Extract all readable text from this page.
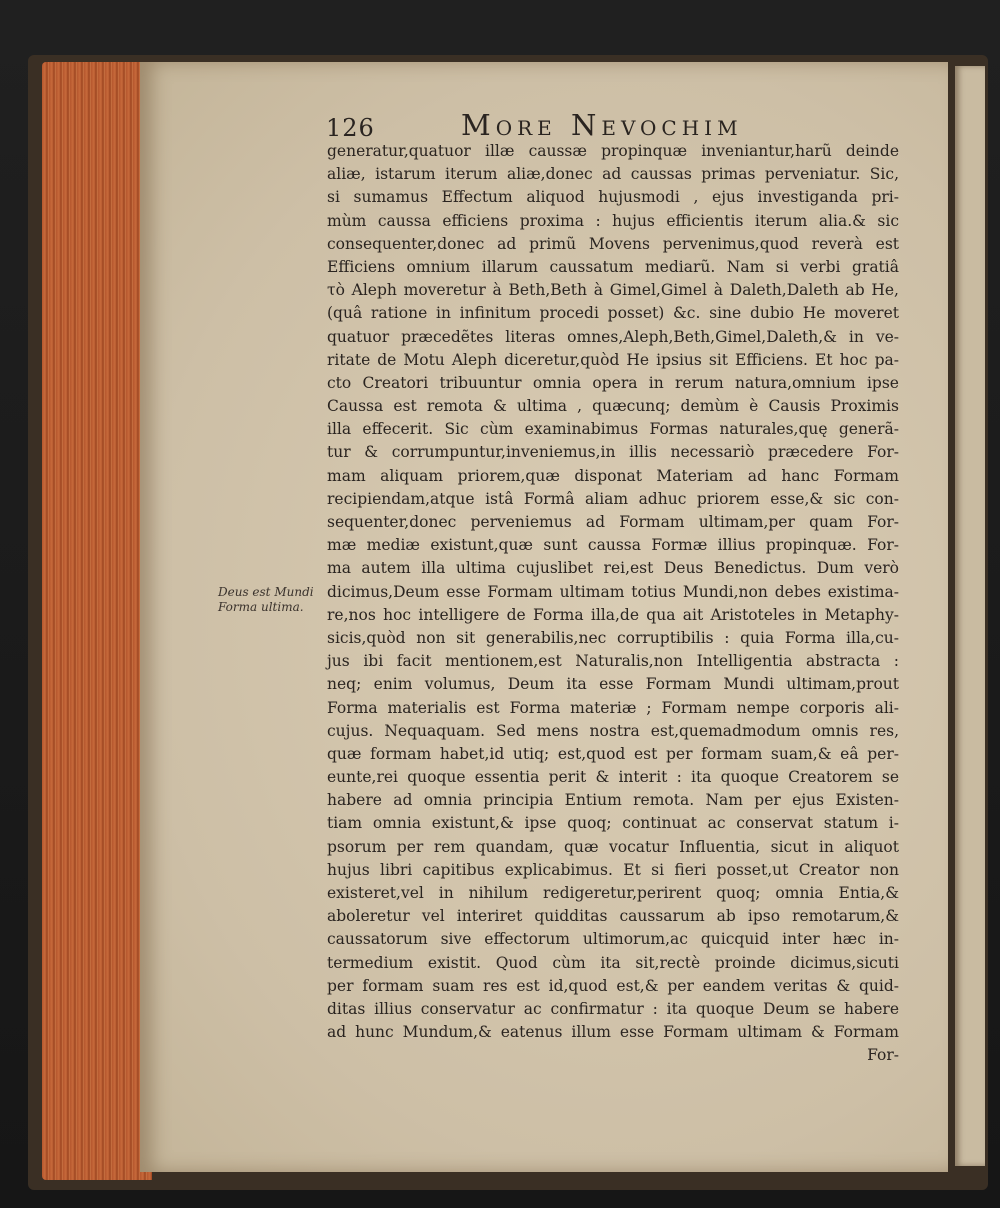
126	More Nevochim
Deus est Mundi Forma ultima.
generatur,quatuor illæ caussæ propinquæ inveniantur,harũ deinde
aliæ, istarum iterum aliæ,donec ad caussas primas perveniatur. Sic,
si sumamus Effectum aliquod hujusmodi , ejus investiganda pri-
mùm caussa efficiens proxima : hujus efficientis iterum alia.& sic
consequenter,donec ad primũ Movens pervenimus,quod reverà est
Efficiens omnium illarum caussatum mediarũ. Nam si verbi gratiâ
τὸ Aleph moveretur à Beth,Beth à Gimel,Gimel à Daleth,Daleth ab He,
(quâ ratione in infinitum procedi posset) &c. sine dubio He moveret
quatuor præcedẽtes literas omnes,Aleph,Beth,Gimel,Daleth,& in ve-
ritate de Motu Aleph diceretur,quòd He ipsius sit Efficiens. Et hoc pa-
cto Creatori tribuuntur omnia opera in rerum natura,omnium ipse
Caussa est remota & ultima , quæcunq; demùm è Causis Proximis
illa effecerit. Sic cùm examinabimus Formas naturales,quę generã-
tur & corrumpuntur,inveniemus,in illis necessariò præcedere For-
mam aliquam priorem,quæ disponat Materiam ad hanc Formam
recipiendam,atque istâ Formâ aliam adhuc priorem esse,& sic con-
sequenter,donec perveniemus ad Formam ultimam,per quam For-
mæ mediæ existunt,quæ sunt caussa Formæ illius propinquæ. For-
ma autem illa ultima cujuslibet rei,est Deus Benedictus. Dum verò
dicimus,Deum esse Formam ultimam totius Mundi,non debes existima-
re,nos hoc intelligere de Forma illa,de qua ait Aristoteles in Metaphy-
sicis,quòd non sit generabilis,nec corruptibilis : quia Forma illa,cu-
jus ibi facit mentionem,est Naturalis,non Intelligentia abstracta :
neq; enim volumus, Deum ita esse Formam Mundi ultimam,prout
Forma materialis est Forma materiæ ; Formam nempe corporis ali-
cujus. Nequaquam. Sed mens nostra est,quemadmodum omnis res,
quæ formam habet,id utiq; est,quod est per formam suam,& eâ per-
eunte,rei quoque essentia perit & interit : ita quoque Creatorem se
habere ad omnia principia Entium remota. Nam per ejus Existen-
tiam omnia existunt,& ipse quoq; continuat ac conservat statum i-
psorum per rem quandam, quæ vocatur Influentia, sicut in aliquot
hujus libri capitibus explicabimus. Et si fieri posset,ut Creator non
existeret,vel in nihilum redigeretur,perirent quoq; omnia Entia,&
aboleretur vel interiret quidditas caussarum ab ipso remotarum,&
caussatorum sive effectorum ultimorum,ac quicquid inter hæc in-
termedium existit. Quod cùm ita sit,rectè proinde dicimus,sicuti
per formam suam res est id,quod est,& per eandem veritas & quid-
ditas illius conservatur ac confirmatur : ita quoque Deum se habere
ad hunc Mundum,& eatenus illum esse Formam ultimam & Formam
For-
